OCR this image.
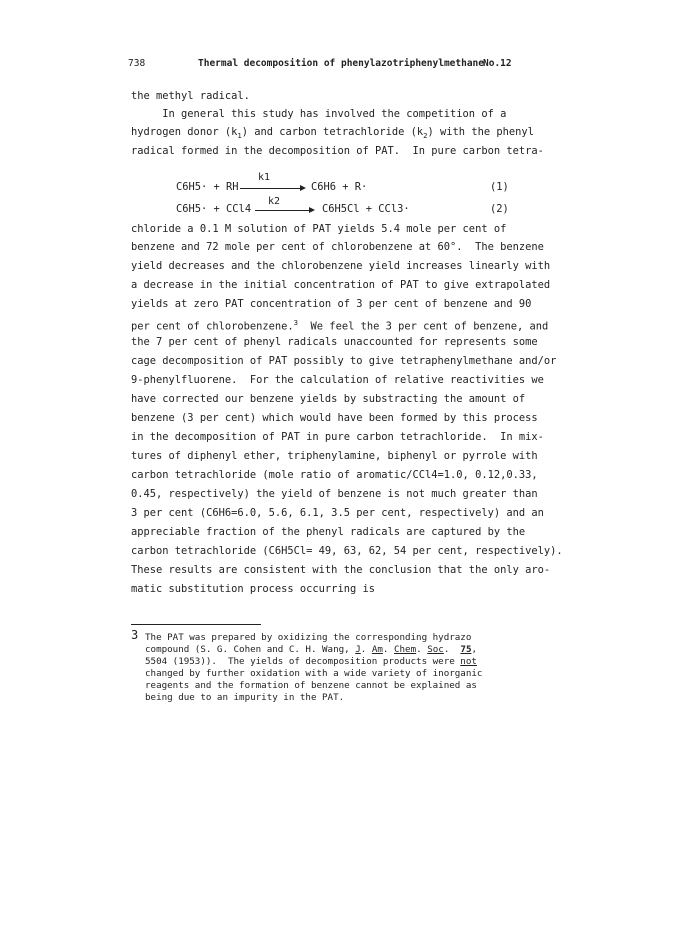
738	Thermal decomposition of phenylazotriphenylmethane No.12
the methyl radical.
In general this study has involved the competition of a
hydrogen donor $(k_1)$ and carbon tetrachloride $(k_2)$ with the phenyl
radical formed in the decomposition of PAT.  In pure carbon tetra-
C6H5· + RH
k1
→ C6H6 + R·	(1)
C6H5· + CCl4
k2
→ C6H5Cl + CCl3·	(2)
chloride a 0.1 M solution of PAT yields 5.4 mole per cent of
benzene and 72 mole per cent of chlorobenzene at 60°.  The benzene
yield decreases and the chlorobenzene yield increases linearly with
a decrease in the initial concentration of PAT to give extrapolated
yields at zero PAT concentration of 3 per cent of benzene and 90
per cent of chlorobenzene.$^3$  We feel the 3 per cent of benzene, and
the 7 per cent of phenyl radicals unaccounted for represents some
cage decomposition of PAT possibly to give tetraphenylmethane and/or
9-phenylfluorene.  For the calculation of relative reactivities we
have corrected our benzene yields by substracting the amount of
benzene (3 per cent) which would have been formed by this process
in the decomposition of PAT in pure carbon tetrachloride.  In mix-
tures of diphenyl ether, triphenylamine, biphenyl or pyrrole with
carbon tetrachloride (mole ratio of aromatic/CCl4=1.0, 0.12,0.33,
0.45, respectively) the yield of benzene is not much greater than
3 per cent (C6H6=6.0, 5.6, 6.1, 3.5 per cent, respectively) and an
appreciable fraction of the phenyl radicals are captured by the
carbon tetrachloride (C6H5Cl= 49, 63, 62, 54 per cent, respectively).
These results are consistent with the conclusion that the only aro-
matic substitution process occurring is
3 The PAT was prepared by oxidizing the corresponding hydrazo
compound (S. G. Cohen and C. H. Wang, J. Am. Chem. Soc.  75,
5504 (1953)).  The yields of decomposition products were not
changed by further oxidation with a wide variety of inorganic
reagents and the formation of benzene cannot be explained as
being due to an impurity in the PAT.
